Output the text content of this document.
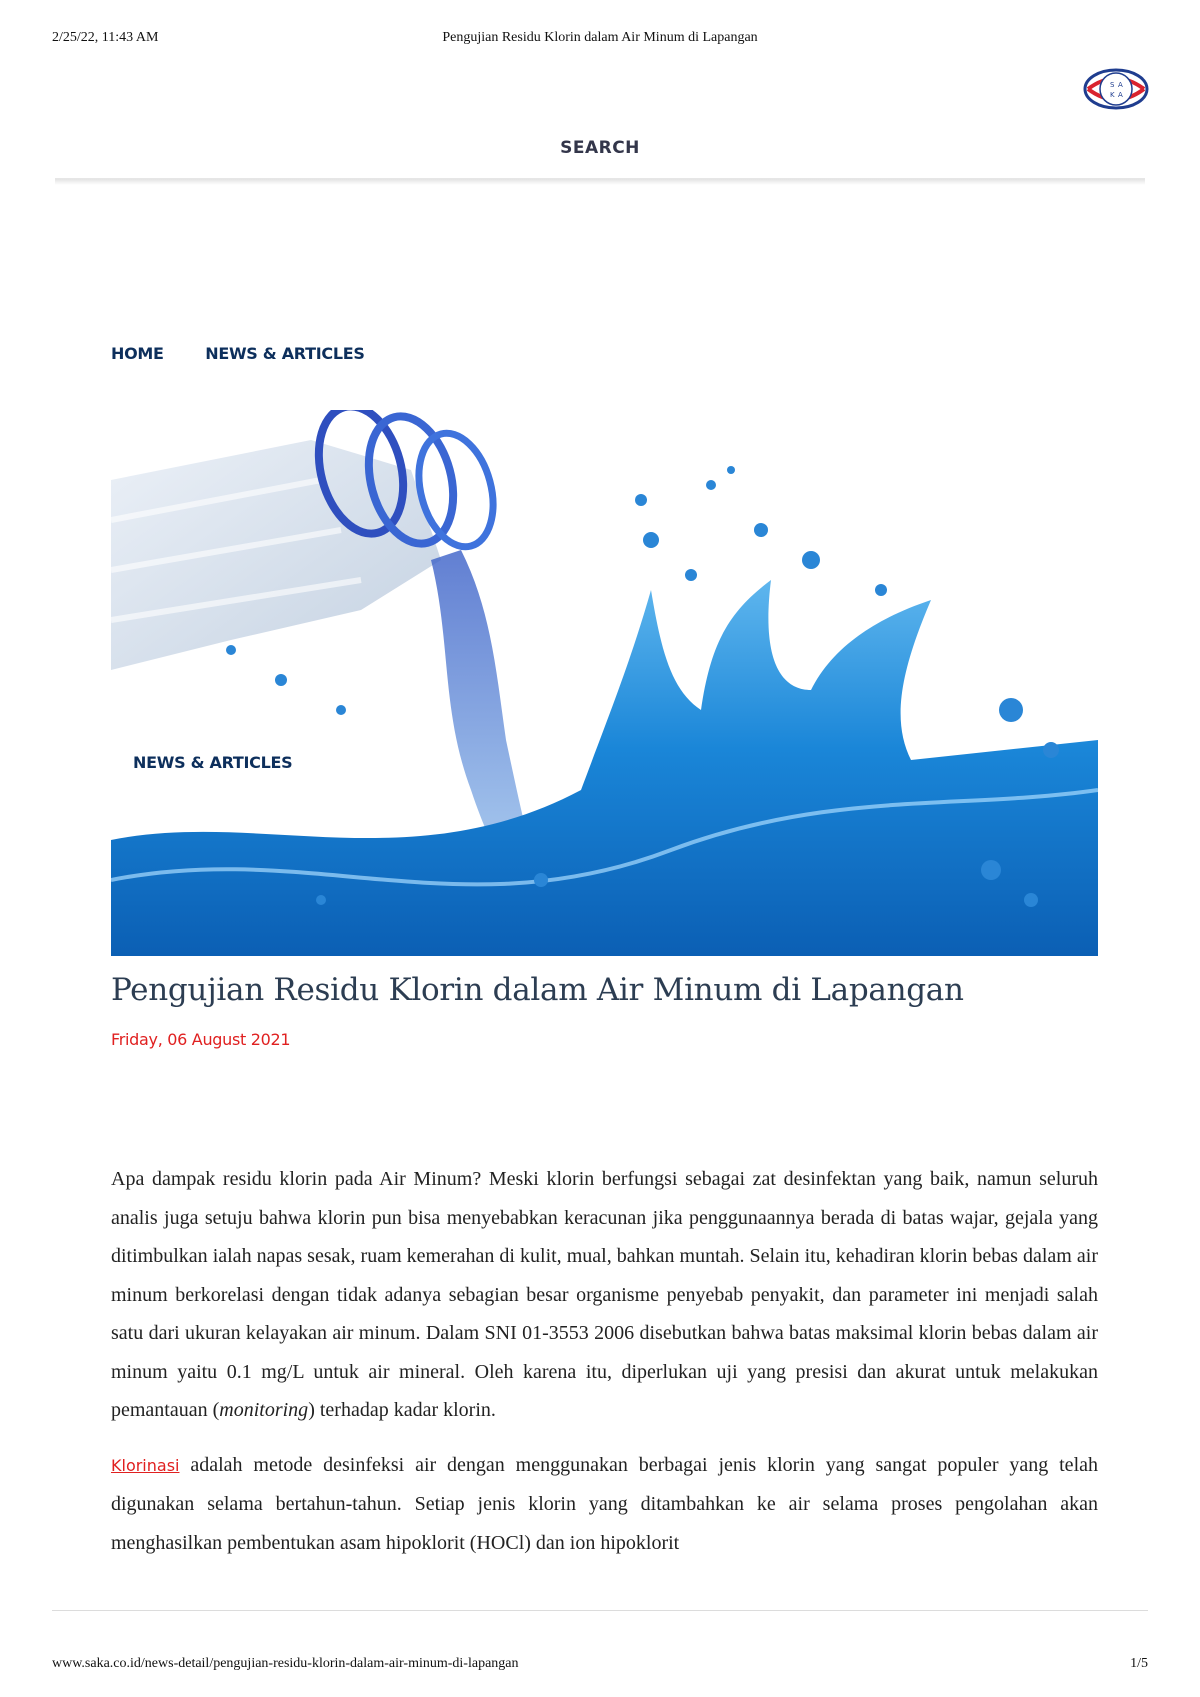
2/25/22, 11:43 AM	Pengujian Residu Klorin dalam Air Minum di Lapangan
S A
K A
SEARCH
HOME	NEWS & ARTICLES
NEWS & ARTICLES
Pengujian Residu Klorin dalam Air Minum di Lapangan
Friday, 06 August 2021

Apa dampak residu klorin pada Air Minum? Meski klorin berfungsi sebagai zat desinfektan yang baik, namun seluruh analis juga setuju bahwa klorin pun bisa menyebabkan keracunan jika penggunaannya berada di batas wajar, gejala yang ditimbulkan ialah napas sesak, ruam kemerahan di kulit, mual, bahkan muntah. Selain itu, kehadiran klorin bebas dalam air minum berkorelasi dengan tidak adanya sebagian besar organisme penyebab penyakit, dan parameter ini menjadi salah satu dari ukuran kelayakan air minum. Dalam SNI 01-3553 2006 disebutkan bahwa batas maksimal klorin bebas dalam air minum yaitu 0.1 mg/L untuk air mineral. Oleh karena itu, diperlukan uji yang presisi dan akurat untuk melakukan pemantauan (monitoring) terhadap kadar klorin.

Klorinasi adalah metode desinfeksi air dengan menggunakan berbagai jenis klorin yang sangat populer yang telah digunakan selama bertahun-tahun. Setiap jenis klorin yang ditambahkan ke air selama proses pengolahan akan menghasilkan pembentukan asam hipoklorit (HOCl) dan ion hipoklorit

www.saka.co.id/news-detail/pengujian-residu-klorin-dalam-air-minum-di-lapangan	1/5
